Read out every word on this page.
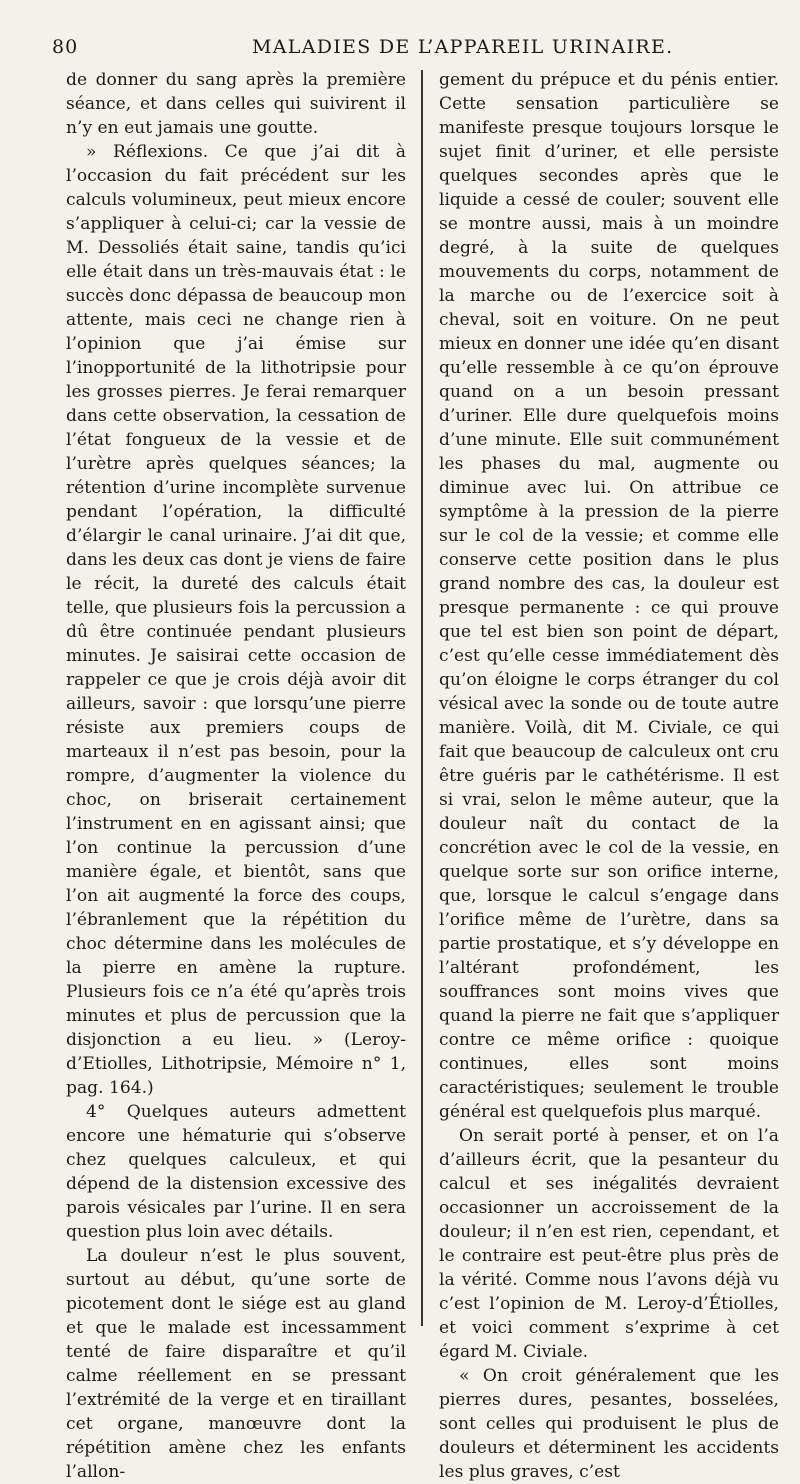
80	MALADIES DE L’APPAREIL URINAIRE.

de donner du sang après la première séance, et dans celles qui suivirent il n’y en eut jamais une goutte.

» Réflexions. Ce que j’ai dit à l’occasion du fait précédent sur les calculs volumineux, peut mieux encore s’appliquer à celui-ci; car la vessie de M. Dessoliés était saine, tandis qu’ici elle était dans un très-mauvais état : le succès donc dépassa de beaucoup mon attente, mais ceci ne change rien à l’opinion que j’ai émise sur l’inopportunité de la lithotripsie pour les grosses pierres. Je ferai remarquer dans cette observation, la cessation de l’état fongueux de la vessie et de l’urètre après quelques séances; la rétention d’urine incomplète survenue pendant l’opération, la difficulté d’élargir le canal urinaire. J’ai dit que, dans les deux cas dont je viens de faire le récit, la dureté des calculs était telle, que plusieurs fois la percussion a dû être continuée pendant plusieurs minutes. Je saisirai cette occasion de rappeler ce que je crois déjà avoir dit ailleurs, savoir : que lorsqu’une pierre résiste aux premiers coups de marteaux il n’est pas besoin, pour la rompre, d’augmenter la violence du choc, on briserait certainement l’instrument en en agissant ainsi; que l’on continue la percussion d’une manière égale, et bientôt, sans que l’on ait augmenté la force des coups, l’ébranlement que la répétition du choc détermine dans les molécules de la pierre en amène la rupture. Plusieurs fois ce n’a été qu’après trois minutes et plus de percussion que la disjonction a eu lieu. » (Leroy-d’Etiolles, Lithotripsie, Mémoire n° 1, pag. 164.)

4° Quelques auteurs admettent encore une hématurie qui s’observe chez quelques calculeux, et qui dépend de la distension excessive des parois vésicales par l’urine. Il en sera question plus loin avec détails.

La douleur n’est le plus souvent, surtout au début, qu’une sorte de picotement dont le siége est au gland et que le malade est incessamment tenté de faire disparaître et qu’il calme réellement en se pressant l’extrémité de la verge et en tiraillant cet organe, manœuvre dont la répétition amène chez les enfants l’allon-

gement du prépuce et du pénis entier. Cette sensation particulière se manifeste presque toujours lorsque le sujet finit d’uriner, et elle persiste quelques secondes après que le liquide a cessé de couler; souvent elle se montre aussi, mais à un moindre degré, à la suite de quelques mouvements du corps, notamment de la marche ou de l’exercice soit à cheval, soit en voiture. On ne peut mieux en donner une idée qu’en disant qu’elle ressemble à ce qu’on éprouve quand on a un besoin pressant d’uriner. Elle dure quelquefois moins d’une minute. Elle suit communément les phases du mal, augmente ou diminue avec lui. On attribue ce symptôme à la pression de la pierre sur le col de la vessie; et comme elle conserve cette position dans le plus grand nombre des cas, la douleur est presque permanente : ce qui prouve que tel est bien son point de départ, c’est qu’elle cesse immédiatement dès qu’on éloigne le corps étranger du col vésical avec la sonde ou de toute autre manière. Voilà, dit M. Civiale, ce qui fait que beaucoup de calculeux ont cru être guéris par le cathétérisme. Il est si vrai, selon le même auteur, que la douleur naît du contact de la concrétion avec le col de la vessie, en quelque sorte sur son orifice interne, que, lorsque le calcul s’engage dans l’orifice même de l’urètre, dans sa partie prostatique, et s’y développe en l’altérant profondément, les souffrances sont moins vives que quand la pierre ne fait que s’appliquer contre ce même orifice : quoique continues, elles sont moins caractéristiques; seulement le trouble général est quelquefois plus marqué.

On serait porté à penser, et on l’a d’ailleurs écrit, que la pesanteur du calcul et ses inégalités devraient occasionner un accroissement de la douleur; il n’en est rien, cependant, et le contraire est peut-être plus près de la vérité. Comme nous l’avons déjà vu c’est l’opinion de M. Leroy-d’Étiolles, et voici comment s’exprime à cet égard M. Civiale.

« On croit généralement que les pierres dures, pesantes, bosselées, sont celles qui produisent le plus de douleurs et déterminent les accidents les plus graves, c’est
